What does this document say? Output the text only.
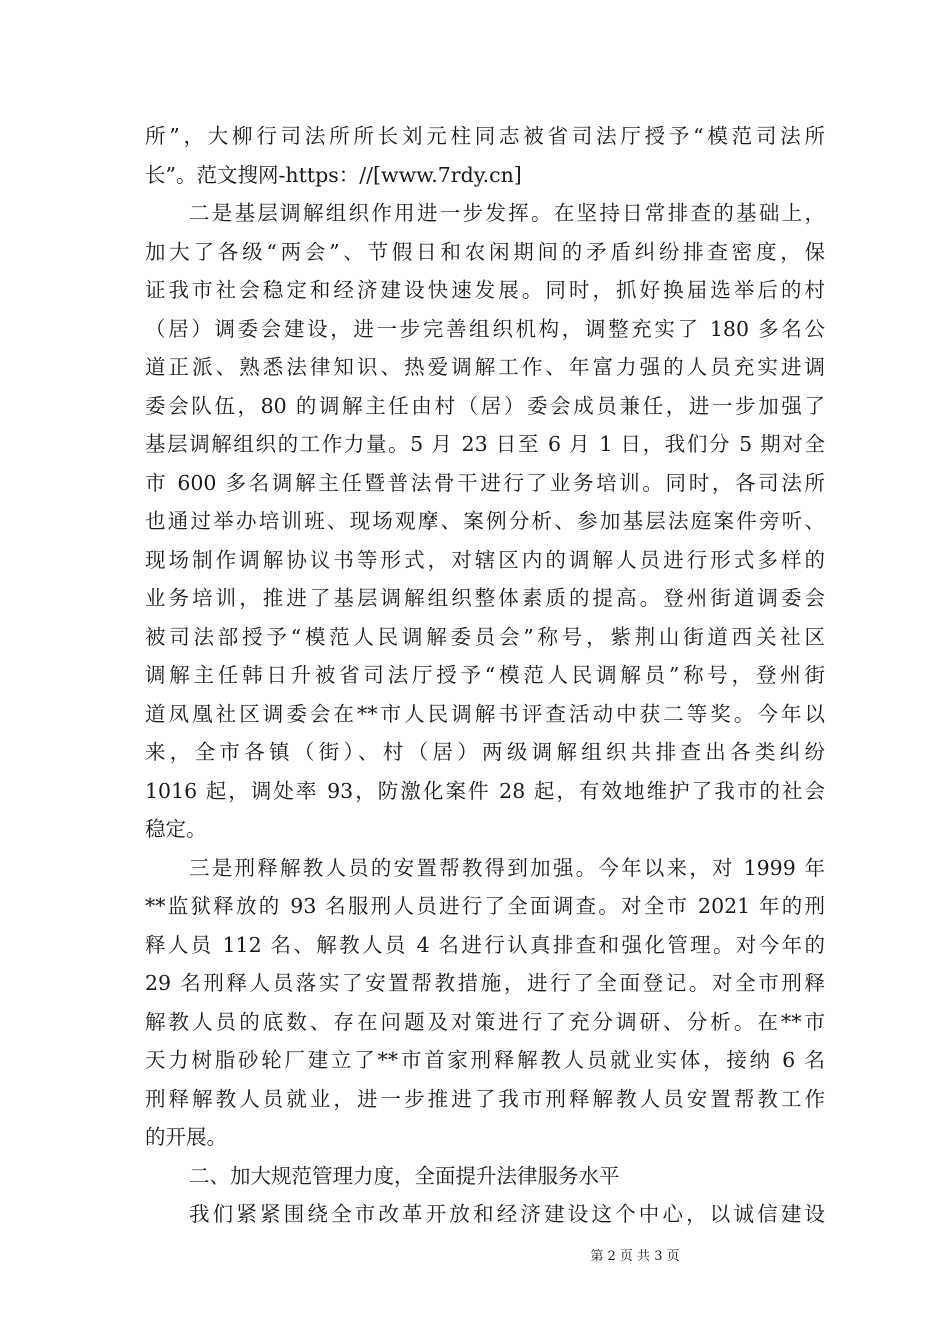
所”，大柳行司法所所长刘元柱同志被省司法厅授予“模范司法所
长”。范文搜网-https：//[www.7rdy.cn]
二是基层调解组织作用进一步发挥。在坚持日常排查的基础上，
加大了各级“两会”、节假日和农闲期间的矛盾纠纷排查密度，保
证我市社会稳定和经济建设快速发展。同时，抓好换届选举后的村
（居）调委会建设，进一步完善组织机构，调整充实了 180 多名公
道正派、熟悉法律知识、热爱调解工作、年富力强的人员充实进调
委会队伍，80 的调解主任由村（居）委会成员兼任，进一步加强了
基层调解组织的工作力量。5 月 23 日至 6 月 1 日，我们分 5 期对全
市 600 多名调解主任暨普法骨干进行了业务培训。同时，各司法所
也通过举办培训班、现场观摩、案例分析、参加基层法庭案件旁听、
现场制作调解协议书等形式，对辖区内的调解人员进行形式多样的
业务培训，推进了基层调解组织整体素质的提高。登州街道调委会
被司法部授予“模范人民调解委员会”称号，紫荆山街道西关社区
调解主任韩日升被省司法厅授予“模范人民调解员”称号，登州街
道凤凰社区调委会在**市人民调解书评查活动中获二等奖。今年以
来，全市各镇（街）、村（居）两级调解组织共排查出各类纠纷
1016 起，调处率 93，防激化案件 28 起，有效地维护了我市的社会
稳定。
三是刑释解教人员的安置帮教得到加强。今年以来，对 1999 年
**监狱释放的 93 名服刑人员进行了全面调查。对全市 2021 年的刑
释人员 112 名、解教人员 4 名进行认真排查和强化管理。对今年的
29 名刑释人员落实了安置帮教措施，进行了全面登记。对全市刑释
解教人员的底数、存在问题及对策进行了充分调研、分析。在**市
天力树脂砂轮厂建立了**市首家刑释解教人员就业实体，接纳 6 名
刑释解教人员就业，进一步推进了我市刑释解教人员安置帮教工作
的开展。
二、加大规范管理力度，全面提升法律服务水平
我们紧紧围绕全市改革开放和经济建设这个中心，以诚信建设
第 2 页 共 3 页
